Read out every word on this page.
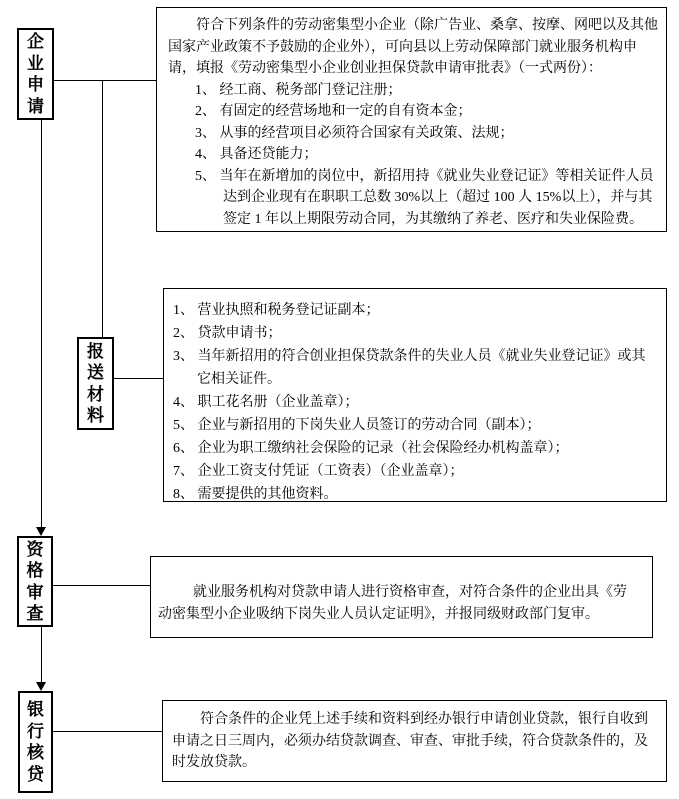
企业申请
报送材料
资格审查
银行核贷
符合下列条件的劳动密集型小企业（除广告业、桑拿、按摩、网吧以及其他国家产业政策不予鼓励的企业外），可向县以上劳动保障部门就业服务机构申请，填报《劳动密集型小企业创业担保贷款申请审批表》（一式两份）：
1、 经工商、税务部门登记注册；
2、 有固定的经营场地和一定的自有资本金；
3、 从事的经营项目必须符合国家有关政策、法规；
4、 具备还贷能力；
5、 当年在新增加的岗位中，新招用持《就业失业登记证》等相关证件人员达到企业现有在职职工总数 30%以上（超过 100 人 15%以上），并与其签定 1 年以上期限劳动合同，为其缴纳了养老、医疗和失业保险费。
1、 营业执照和税务登记证副本；
2、 贷款申请书；
3、 当年新招用的符合创业担保贷款条件的失业人员《就业失业登记证》或其它相关证件。
4、 职工花名册（企业盖章）；
5、 企业与新招用的下岗失业人员签订的劳动合同（副本）；
6、 企业为职工缴纳社会保险的记录（社会保险经办机构盖章）；
7、 企业工资支付凭证（工资表）（企业盖章）；
8、 需要提供的其他资料。
就业服务机构对贷款申请人进行资格审查，对符合条件的企业出具《劳动密集型小企业吸纳下岗失业人员认定证明》，并报同级财政部门复审。
符合条件的企业凭上述手续和资料到经办银行申请创业贷款，银行自收到申请之日三周内，必须办结贷款调查、审查、审批手续，符合贷款条件的，及时发放贷款。
